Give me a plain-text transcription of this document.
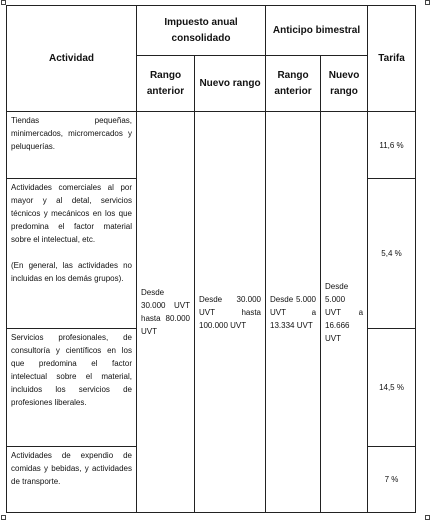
Actividad	Impuesto anual consolidado		Anticipo bimestral		Tarifa
	Rango anterior	Nuevo rango	Rango anterior	Nuevo rango	

Tiendas pequeñas, minimercados, micromercados y peluquerías.	Desde 30.000 UVT hasta 80.000 UVT	Desde 30.000 UVT hasta 100.000 UVT	Desde 5.000 UVT a 13.334 UVT	Desde 5.000 UVT a 16.666 UVT	11,6 %

Actividades comerciales al por mayor y al detal, servicios técnicos y mecánicos en los que predomina el factor material sobre el intelectual, etc.
(En general, las actividades no incluidas en los demás grupos).					5,4 %

Servicios profesionales, de consultoría y científicos en los que predomina el factor intelectual sobre el material, incluidos los servicios de profesiones liberales.					14,5 %

Actividades de expendio de comidas y bebidas, y actividades de transporte.					7 %
